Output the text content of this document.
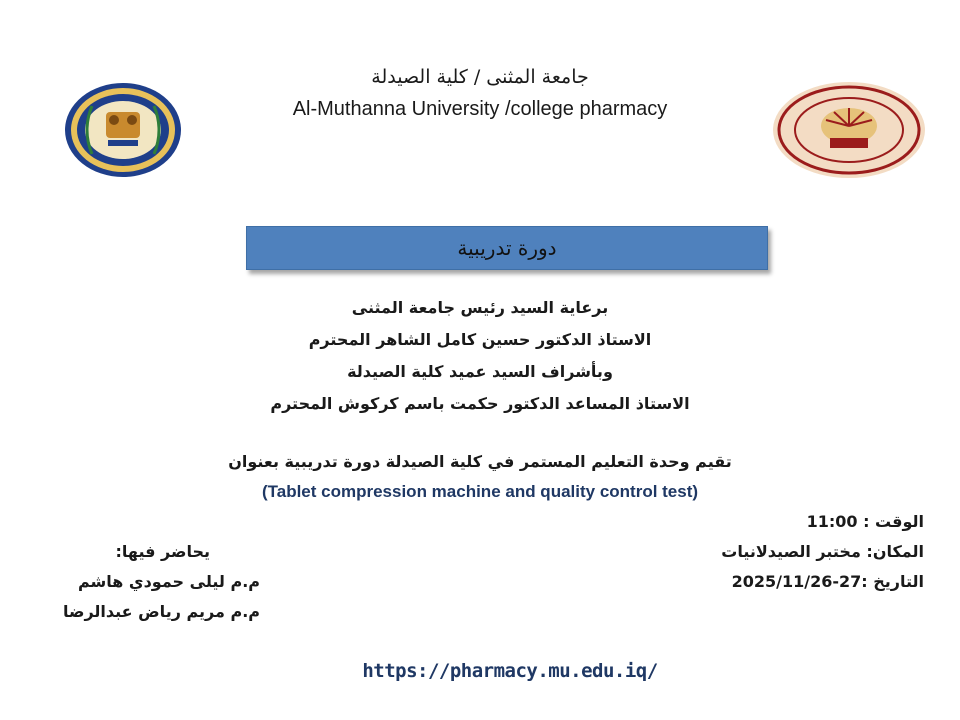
جامعة المثنى / كلية الصيدلة
Al-Muthanna University /college pharmacy
دورة تدريبية
برعاية السيد رئيس جامعة المثنى
الاستاذ الدكتور حسين كامل الشاهر المحترم
وبأشراف السيد عميد كلية الصيدلة
الاستاذ المساعد الدكتور حكمت باسم كركوش المحترم
تقيم وحدة التعليم المستمر في كلية الصيدلة دورة تدريبية بعنوان
(Tablet compression machine and quality control test)
الوقت : 11:00
المكان: مختبر الصيدلانيات
التاريخ :27-2025/11/26
يحاضر فيها:
م.م ليلى حمودي هاشم
م.م مريم رياض عبدالرضا
https://pharmacy.mu.edu.iq/
